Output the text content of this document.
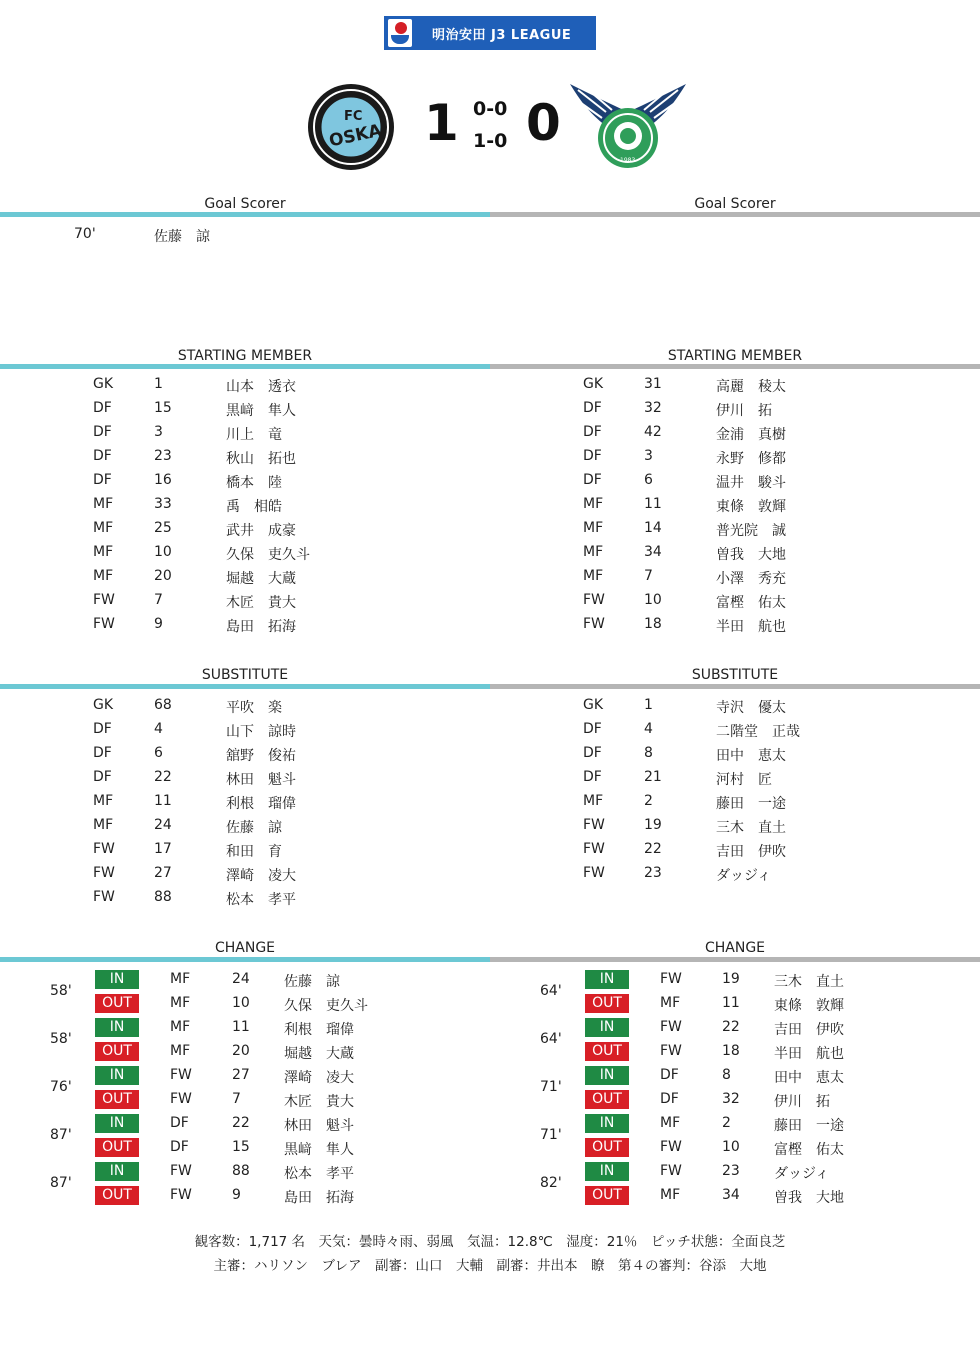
明治安田 J3 LEAGUE
FC
OSKA 1 0-0
1-0 0
1983
Goal Scorer	Goal Scorer
70'	佐藤　諒
STARTING MEMBER	STARTING MEMBER
GK	1	山本　透衣
DF	15	黒﨑　隼人
DF	3	川上　竜
DF	23	秋山　拓也
DF	16	橋本　陸
MF	33	禹　相皓
MF	25	武井　成豪
MF	10	久保　吏久斗
MF	20	堀越　大蔵
FW	7	木匠　貴大
FW	9	島田　拓海
GK	31	高麗　稜太
DF	32	伊川　拓
DF	42	金浦　真樹
DF	3	永野　修都
DF	6	温井　駿斗
MF	11	東條　敦輝
MF	14	普光院　誠
MF	34	曽我　大地
MF	7	小澤　秀充
FW	10	富樫　佑太
FW	18	半田　航也
SUBSTITUTE	SUBSTITUTE
GK	68	平吹　楽
DF	4	山下　諒時
DF	6	舘野　俊祐
DF	22	林田　魁斗
MF	11	利根　瑠偉
MF	24	佐藤　諒
FW	17	和田　育
FW	27	澤崎　凌大
FW	88	松本　孝平
GK	1	寺沢　優太
DF	4	二階堂　正哉
DF	8	田中　恵太
DF	21	河村　匠
MF	2	藤田　一途
FW	19	三木　直土
FW	22	吉田　伊吹
FW	23	ダッジィ
CHANGE	CHANGE
58'
IN	MF	24 佐藤　諒
OUT	MF	10 久保　吏久斗
58'
IN	MF	11 利根　瑠偉
OUT	MF	20 堀越　大蔵
76'
IN	FW	27 澤崎　凌大
OUT	FW	7	木匠　貴大
87'
IN	DF	22 林田　魁斗
OUT	DF	15 黒﨑　隼人
87'
IN	FW	88 松本　孝平
OUT	FW	9	島田　拓海
64'
IN	FW	19 三木　直土
OUT	MF	11 東條　敦輝
64'
IN	FW	22 吉田　伊吹
OUT	FW	18 半田　航也
71'
IN	DF	8	田中　恵太
OUT	DF	32 伊川　拓
71'
IN	MF	2	藤田　一途
OUT	FW	10 富樫　佑太
82'
IN	FW	23 ダッジィ
OUT	MF	34 曽我　大地
観客数：1,717 名　天気：曇時々雨、弱風　気温：12.8℃　湿度：21％　ピッチ状態：全面良芝
主審：ハリソン　ブレア　副審：山口　大輔　副審：井出本　瞭　第４の審判：谷添　大地
